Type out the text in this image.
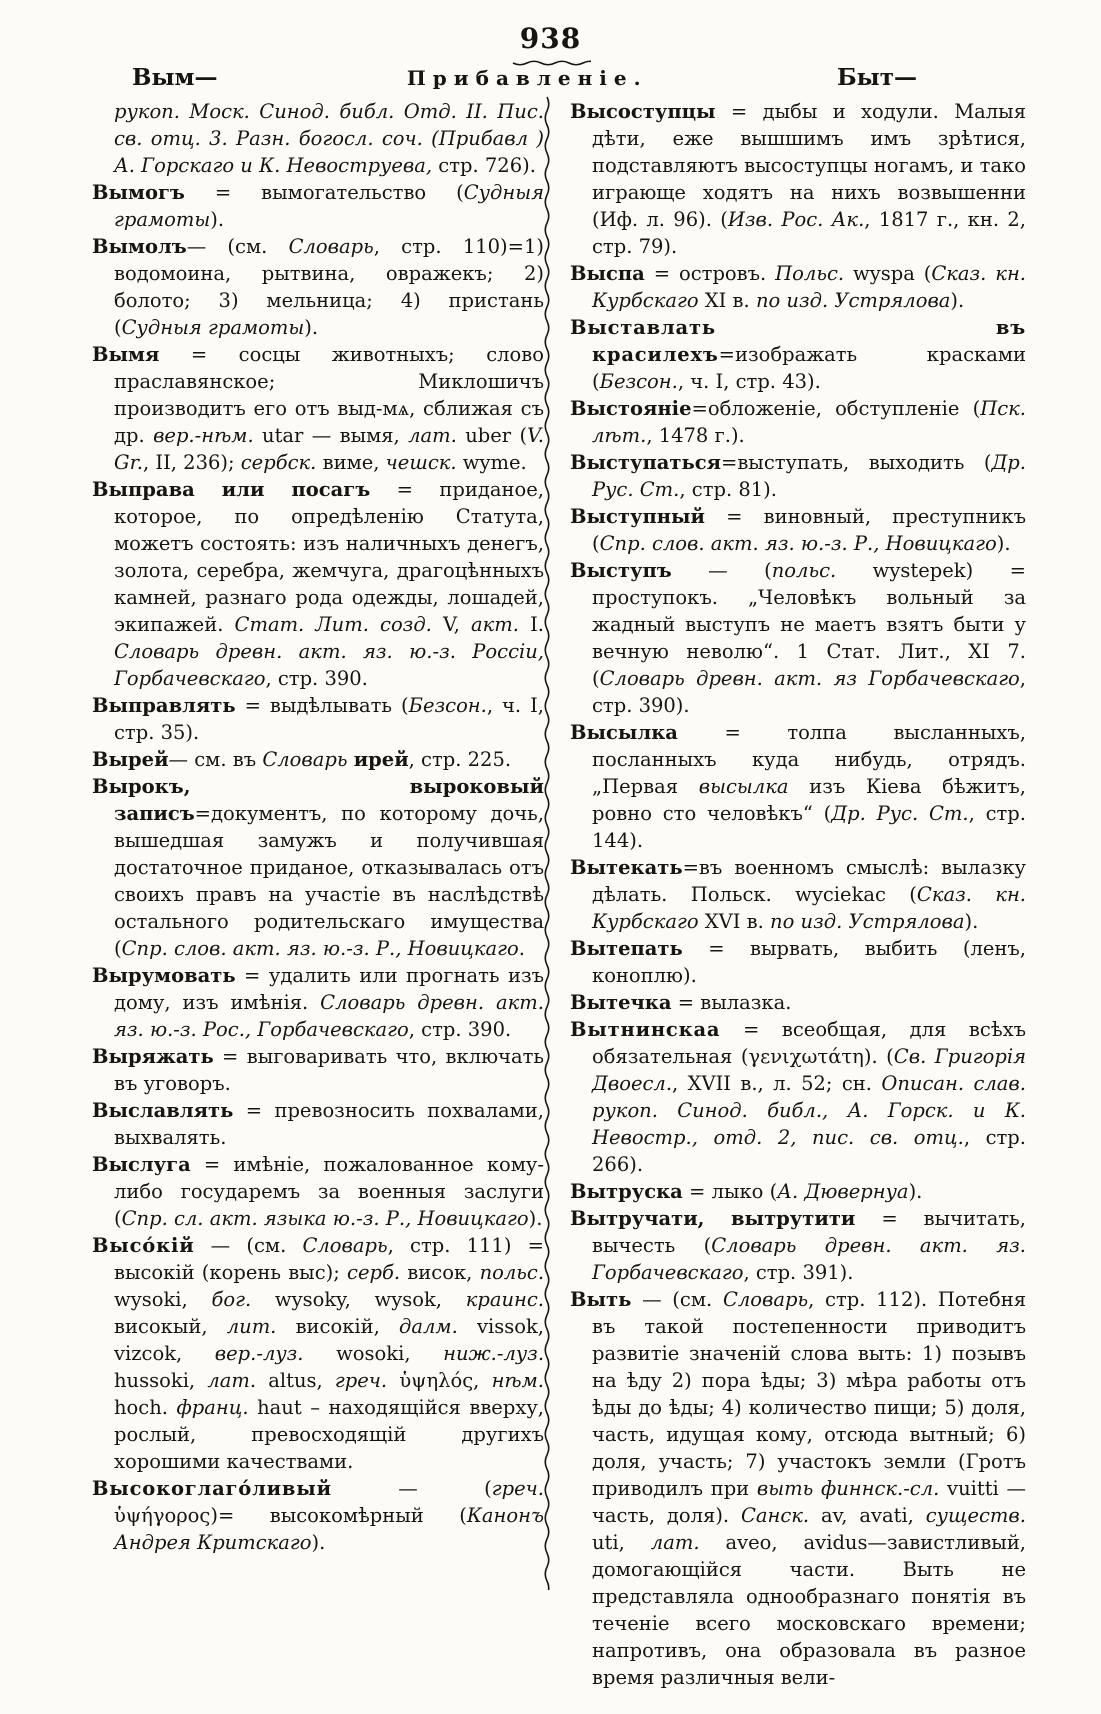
938
Вым—	Прибавленіе.	Быт—

рукоп. Моск. Синод. библ. Отд. II. Пис. св. отц. 3. Разн. богосл. соч. (Прибавл ) А. Горскаго и К. Невоструева, стр. 726).

Вымогъ = вымогательство (Судныя грамоты).

Вымолъ— (см. Словарь, стр. 110)=1) водомоина, рытвина, овражекъ; 2) болото; 3) мельница; 4) пристань (Судныя грамоты).

Вымя = сосцы животныхъ; слово праславянское; Миклошичъ производитъ его отъ выд-мѧ, сближая съ др. вер.-нѣм. utar — вымя, лат. uber (V. Gr., II, 236); сербск. виме, чешск. wyme.

Выправа или посагъ = приданое, которое, по опредѣленію Статута, можетъ состоять: изъ наличныхъ денегъ, золота, серебра, жемчуга, драгоцѣнныхъ камней, разнаго рода одежды, лошадей, экипажей. Стат. Лит. созд. V, акт. I. Словарь древн. акт. яз. ю.-з. Россіи, Горбачевскаго, стр. 390.

Выправлять = выдѣлывать (Безсон., ч. I, стр. 35).

Вырей— см. въ Словарь ирей, стр. 225.

Вырокъ, выроковый записъ=документъ, по которому дочь, вышедшая замужъ и получившая достаточное приданое, отказывалась отъ своихъ правъ на участіе въ наслѣдствѣ остального родительскаго имущества (Спр. слов. акт. яз. ю.-з. Р., Новицкаго.

Вырумовать = удалить или прогнать изъ дому, изъ имѣнія. Словарь древн. акт. яз. ю.-з. Рос., Горбачевскаго, стр. 390.

Выряжать = выговаривать что, включать въ уговоръ.

Выславлять = превозносить похвалами, выхвалять.

Выслуга = имѣніе, пожалованное кому-либо государемъ за военныя заслуги (Спр. сл. акт. языка ю.-з. Р., Новицкаго).

Высо́кій — (см. Словарь, стр. 111) = высокій (корень выс); серб. висок, польс. wysoki, бог. wysoky, wysok, краинс. високый, лит. високій, далм. vissok, vizcok, вер.-луз. wosoki, ниж.-луз. hussoki, лат. altus, греч. ὑψηλός, нѣм. hoch. франц. haut – находящійся вверху, рослый, превосходящій другихъ хорошими качествами.

Высокоглаго́ливый — (греч. ὑψήγορος)= высокомѣрный (Канонъ Андрея Критскаго).

Высоступцы = дыбы и ходули. Малыя дѣти, еже вышшимъ имъ зрѣтися, подставляютъ высоступцы ногамъ, и тако играюще ходятъ на нихъ возвышенни (Иф. л. 96). (Изв. Рос. Ак., 1817 г., кн. 2, стр. 79).

Выспа = островъ. Польс. wyspa (Сказ. кн. Курбскаго XI в. по изд. Устрялова).

Выставлать въ красилехъ=изображать красками (Безсон., ч. I, стр. 43).

Выстояніе=обложеніе, обступленіе (Пск. лѣт., 1478 г.).

Выступаться=выступать, выходить (Др. Рус. Ст., стр. 81).

Выступный = виновный, преступникъ (Спр. слов. акт. яз. ю.-з. Р., Новицкаго).

Выступъ — (польс. wystepek) = проступокъ. „Человѣкъ вольный за жадный выступъ не маетъ взятъ быти у вечную неволю“. 1 Стат. Лит., XI 7. (Словарь древн. акт. яз Горбачевскаго, стр. 390).

Высылка = толпа высланныхъ, посланныхъ куда нибудь, отрядъ. „Первая высылка изъ Кіева бѣжитъ, ровно сто человѣкъ“ (Др. Рус. Ст., стр. 144).

Вытекать=въ военномъ смыслѣ: вылазку дѣлать. Польск. wyciekac (Сказ. кн. Курбскаго XVI в. по изд. Устрялова).

Вытепать = вырвать, выбить (ленъ, коноплю).

Вытечка = вылазка.

Вытнинскаа = всеобщая, для всѣхъ обязательная (γενιχωτάτη). (Св. Григорія Двоесл., XVII в., л. 52; сн. Описан. слав. рукоп. Синод. библ., А. Горск. и К. Невостр., отд. 2, пис. св. отц., стр. 266).

Вытруска = лыко (А. Дювернуа).

Вытручати, вытрутити = вычитать, вычесть (Словарь древн. акт. яз. Горбачевскаго, стр. 391).

Выть — (см. Словарь, стр. 112). Потебня въ такой постепенности приводитъ развитіе значеній слова выть: 1) позывъ на ѣду 2) пора ѣды; 3) мѣра работы отъ ѣды до ѣды; 4) количество пищи; 5) доля, часть, идущая кому, отсюда вытный; 6) доля, участь; 7) участокъ земли (Гротъ приводилъ при выть финнск.-сл. vuitti — часть, доля). Санск. av, avati, существ. uti, лат. aveo, avidus—завистливый, домогающійся части. Выть не представляла однообразнаго понятія въ теченіе всего московскаго времени; напротивъ, она образовала въ разное время различныя вели-
